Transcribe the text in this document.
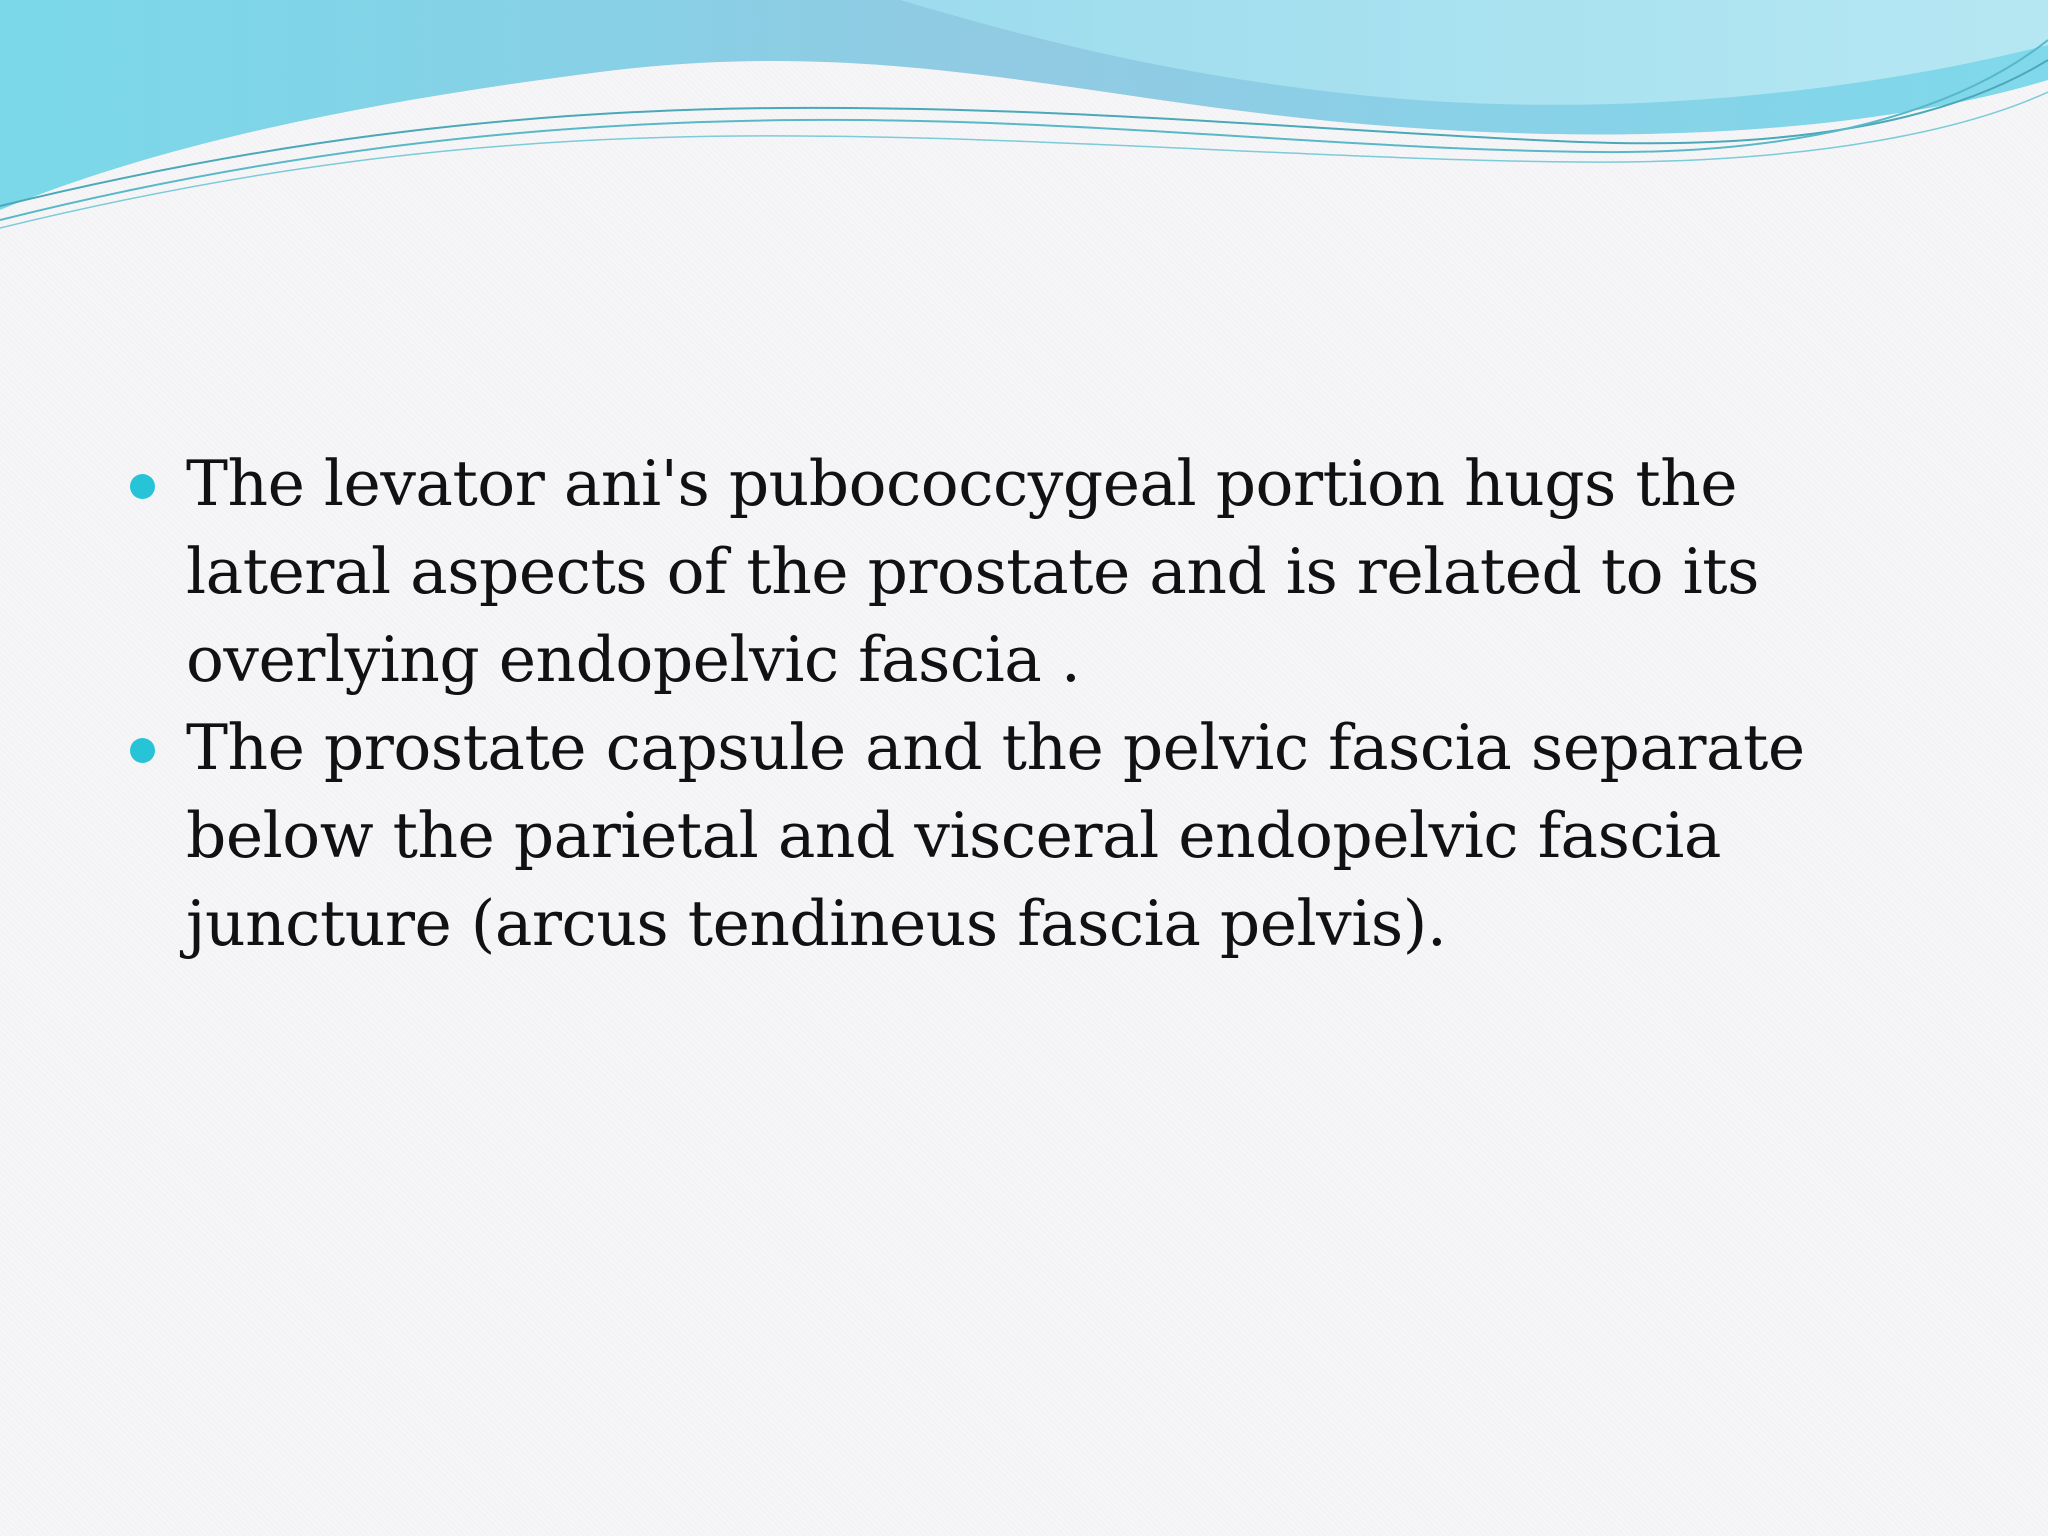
The levator ani's pubococcygeal portion hugs the
lateral aspects of the prostate and is related to its
overlying endopelvic fascia .
The prostate capsule and the pelvic fascia separate
below the parietal and visceral endopelvic fascia
juncture (arcus tendineus fascia pelvis).
